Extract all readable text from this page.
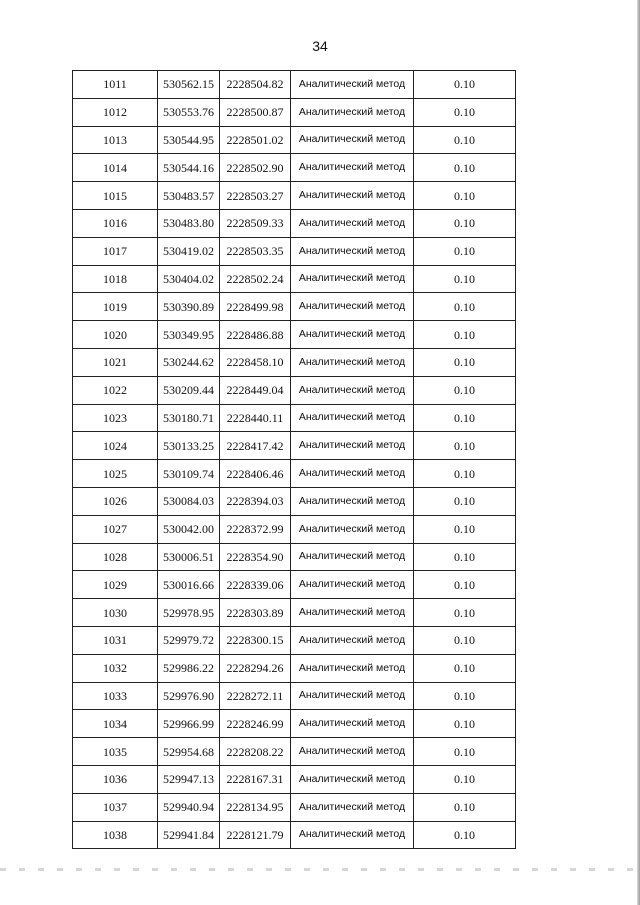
34
1011	530562.15	2228504.82	Аналитический метод	0.10
1012	530553.76	2228500.87	Аналитический метод	0.10
1013	530544.95	2228501.02	Аналитический метод	0.10
1014	530544.16	2228502.90	Аналитический метод	0.10
1015	530483.57	2228503.27	Аналитический метод	0.10
1016	530483.80	2228509.33	Аналитический метод	0.10
1017	530419.02	2228503.35	Аналитический метод	0.10
1018	530404.02	2228502.24	Аналитический метод	0.10
1019	530390.89	2228499.98	Аналитический метод	0.10
1020	530349.95	2228486.88	Аналитический метод	0.10
1021	530244.62	2228458.10	Аналитический метод	0.10
1022	530209.44	2228449.04	Аналитический метод	0.10
1023	530180.71	2228440.11	Аналитический метод	0.10
1024	530133.25	2228417.42	Аналитический метод	0.10
1025	530109.74	2228406.46	Аналитический метод	0.10
1026	530084.03	2228394.03	Аналитический метод	0.10
1027	530042.00	2228372.99	Аналитический метод	0.10
1028	530006.51	2228354.90	Аналитический метод	0.10
1029	530016.66	2228339.06	Аналитический метод	0.10
1030	529978.95	2228303.89	Аналитический метод	0.10
1031	529979.72	2228300.15	Аналитический метод	0.10
1032	529986.22	2228294.26	Аналитический метод	0.10
1033	529976.90	2228272.11	Аналитический метод	0.10
1034	529966.99	2228246.99	Аналитический метод	0.10
1035	529954.68	2228208.22	Аналитический метод	0.10
1036	529947.13	2228167.31	Аналитический метод	0.10
1037	529940.94	2228134.95	Аналитический метод	0.10
1038	529941.84	2228121.79	Аналитический метод	0.10
